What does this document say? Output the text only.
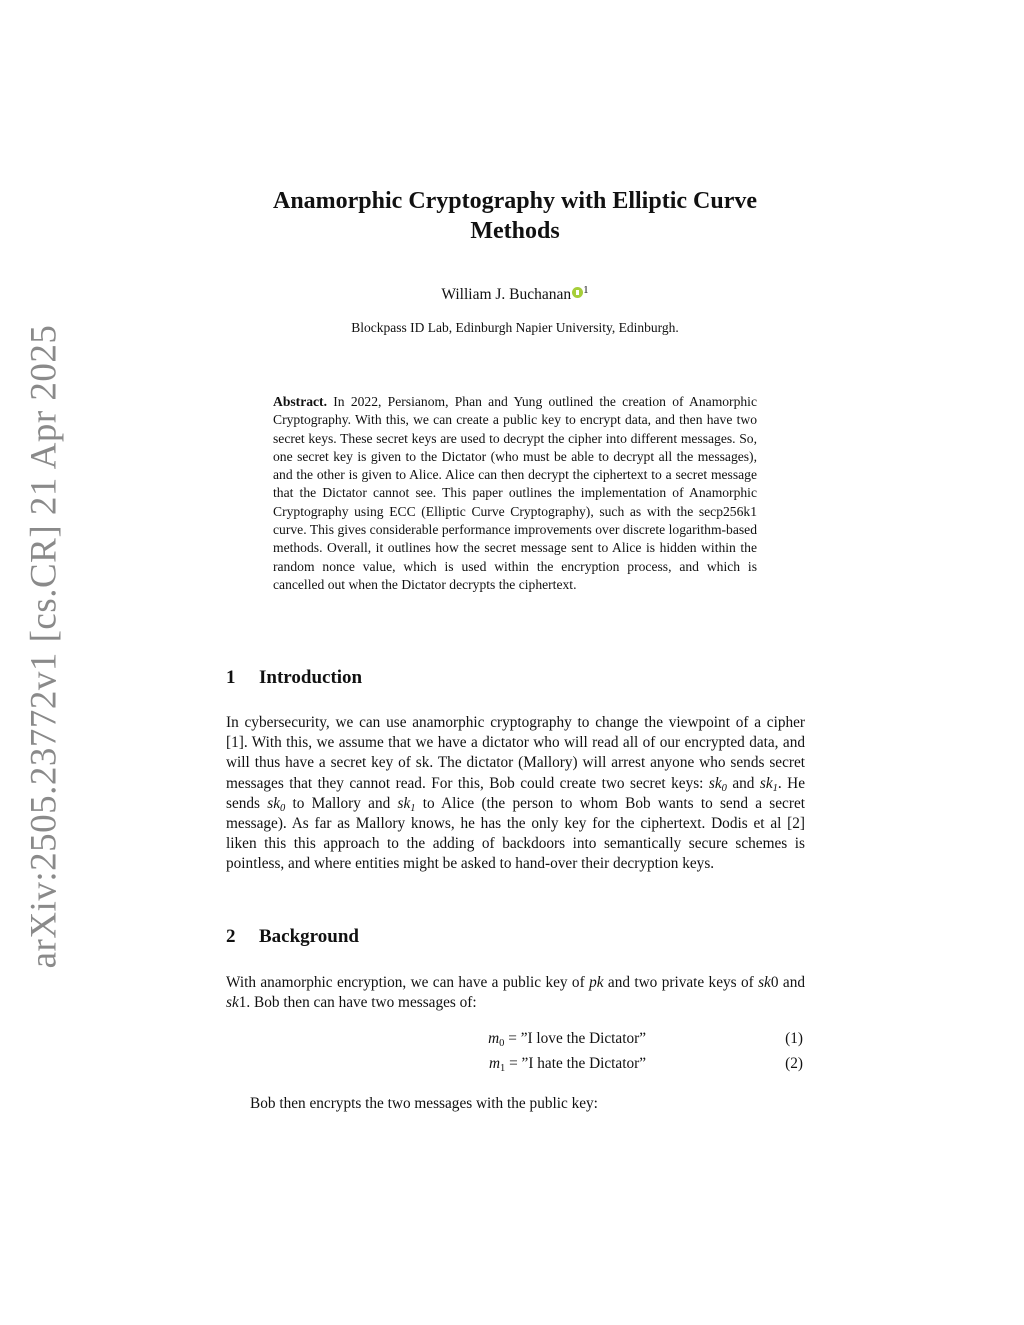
arXiv:2505.23772v1 [cs.CR] 21 Apr 2025
Anamorphic Cryptography with Elliptic Curve
Methods
William J. Buchanan $^1$
Blockpass ID Lab, Edinburgh Napier University, Edinburgh.

Abstract. In 2022, Persianom, Phan and Yung outlined the creation of Anamorphic Cryptography. With this, we can create a public key to encrypt data, and then have two secret keys. These secret keys are used to decrypt the cipher into different messages. So, one secret key is given to the Dictator (who must be able to decrypt all the messages), and the other is given to Alice. Alice can then decrypt the ciphertext to a secret message that the Dictator cannot see. This paper outlines the implementation of Anamorphic Cryptography using ECC (Elliptic Curve Cryptography), such as with the secp256k1 curve. This gives considerable performance improvements over discrete logarithm-based methods. Overall, it outlines how the secret message sent to Alice is hidden within the random nonce value, which is used within the encryption process, and which is cancelled out when the Dictator decrypts the ciphertext.

1 Introduction

In cybersecurity, we can use anamorphic cryptography to change the viewpoint of a cipher [1]. With this, we assume that we have a dictator who will read all of our encrypted data, and will thus have a secret key of sk. The dictator (Mallory) will arrest anyone who sends secret messages that they cannot read. For this, Bob could create two secret keys: $sk_0$ and $sk_1$. He sends $sk_0$ to Mallory and $sk_1$ to Alice (the person to whom Bob wants to send a secret message). As far as Mallory knows, he has the only key for the ciphertext. Dodis et al [2] liken this this approach to the adding of backdoors into semantically secure schemes is pointless, and where entities might be asked to hand-over their decryption keys.

2 Background

With anamorphic encryption, we can have a public key of pk and two private keys of sk0 and sk1. Bob then can have two messages of:

$m_0$ = ”I love the Dictator”	(1)
$m_1$ = ”I hate the Dictator”	(2)

Bob then encrypts the two messages with the public key:
